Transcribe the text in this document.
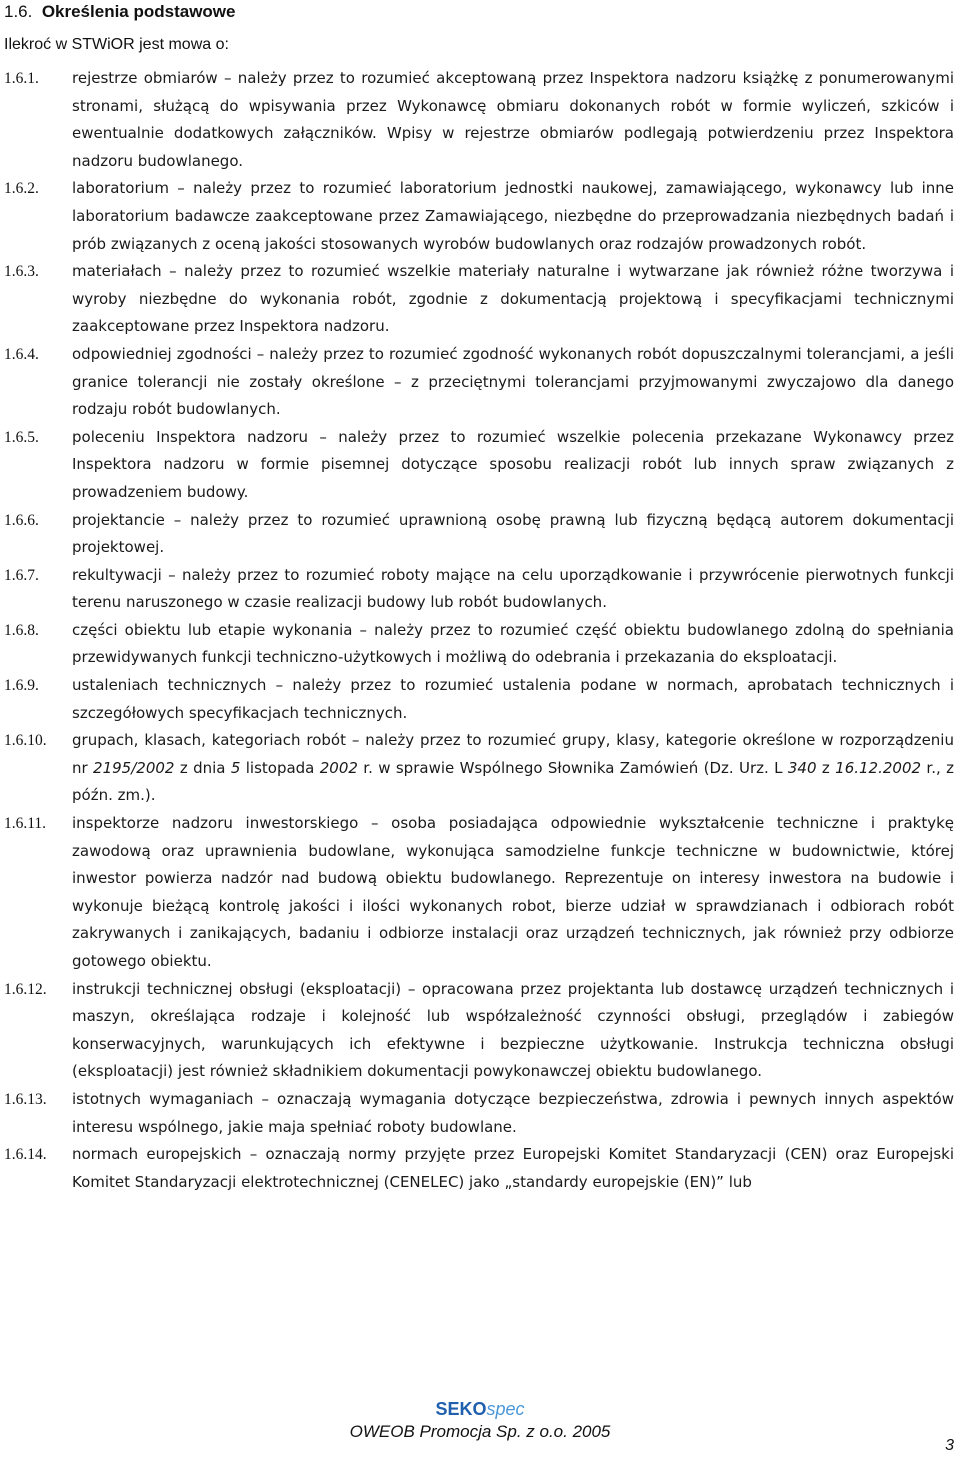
1.6. Określenia podstawowe
Ilekroć w STWiOR jest mowa o:
1.6.1.	rejestrze obmiarów – należy przez to rozumieć akceptowaną przez Inspektora nadzoru książkę z ponumerowanymi stronami, służącą do wpisywania przez Wykonawcę obmiaru dokonanych robót w formie wyliczeń, szkiców i ewentualnie dodatkowych załączników. Wpisy w rejestrze obmiarów podlegają potwierdzeniu przez Inspektora nadzoru budowlanego.
1.6.2.	laboratorium – należy przez to rozumieć laboratorium jednostki naukowej, zamawiającego, wykonawcy lub inne laboratorium badawcze zaakceptowane przez Zamawiającego, niezbędne do przeprowadzania niezbędnych badań i prób związanych z oceną jakości stosowanych wyrobów budowlanych oraz rodzajów prowadzonych robót.
1.6.3.	materiałach – należy przez to rozumieć wszelkie materiały naturalne i wytwarzane jak również różne tworzywa i wyroby niezbędne do wykonania robót, zgodnie z dokumentacją projektową i specyfikacjami technicznymi zaakceptowane przez Inspektora nadzoru.
1.6.4.	odpowiedniej zgodności – należy przez to rozumieć zgodność wykonanych robót dopuszczalnymi tolerancjami, a jeśli granice tolerancji nie zostały określone – z przeciętnymi tolerancjami przyjmowanymi zwyczajowo dla danego rodzaju robót budowlanych.
1.6.5.	poleceniu Inspektora nadzoru – należy przez to rozumieć wszelkie polecenia przekazane Wykonawcy przez Inspektora nadzoru w formie pisemnej dotyczące sposobu realizacji robót lub innych spraw związanych z prowadzeniem budowy.
1.6.6.	projektancie – należy przez to rozumieć uprawnioną osobę prawną lub fizyczną będącą autorem dokumentacji projektowej.
1.6.7.	rekultywacji – należy przez to rozumieć roboty mające na celu uporządkowanie i przywrócenie pierwotnych funkcji terenu naruszonego w czasie realizacji budowy lub robót budowlanych.
1.6.8.	części obiektu lub etapie wykonania – należy przez to rozumieć część obiektu budowlanego zdolną do spełniania przewidywanych funkcji techniczno-użytkowych i możliwą do odebrania i przekazania do eksploatacji.
1.6.9.	ustaleniach technicznych – należy przez to rozumieć ustalenia podane w normach, aprobatach technicznych i szczegółowych specyfikacjach technicznych.
1.6.10.	grupach, klasach, kategoriach robót – należy przez to rozumieć grupy, klasy, kategorie określone w rozporządzeniu nr 2195/2002 z dnia 5 listopada 2002 r. w sprawie Wspólnego Słownika Zamówień (Dz. Urz. L 340 z 16.12.2002 r., z późn. zm.).
1.6.11.	inspektorze nadzoru inwestorskiego – osoba posiadająca odpowiednie wykształcenie techniczne i praktykę zawodową oraz uprawnienia budowlane, wykonująca samodzielne funkcje techniczne w budownictwie, której inwestor powierza nadzór nad budową obiektu budowlanego. Reprezentuje on interesy inwestora na budowie i wykonuje bieżącą kontrolę jakości i ilości wykonanych robot, bierze udział w sprawdzianach i odbiorach robót zakrywanych i zanikających, badaniu i odbiorze instalacji oraz urządzeń technicznych, jak również przy odbiorze gotowego obiektu.
1.6.12.	instrukcji technicznej obsługi (eksploatacji) – opracowana przez projektanta lub dostawcę urządzeń technicznych i maszyn, określająca rodzaje i kolejność lub współzależność czynności obsługi, przeglądów i zabiegów konserwacyjnych, warunkujących ich efektywne i bezpieczne użytkowanie. Instrukcja techniczna obsługi (eksploatacji) jest również składnikiem dokumentacji powykonawczej obiektu budowlanego.
1.6.13.	istotnych wymaganiach – oznaczają wymagania dotyczące bezpieczeństwa, zdrowia i pewnych innych aspektów interesu wspólnego, jakie maja spełniać roboty budowlane.
1.6.14.	normach europejskich – oznaczają normy przyjęte przez Europejski Komitet Standaryzacji (CEN) oraz Europejski Komitet Standaryzacji elektrotechnicznej (CENELEC) jako „standardy europejskie (EN)” lub
SEKOspec
OWEOB Promocja Sp. z o.o. 2005
3
